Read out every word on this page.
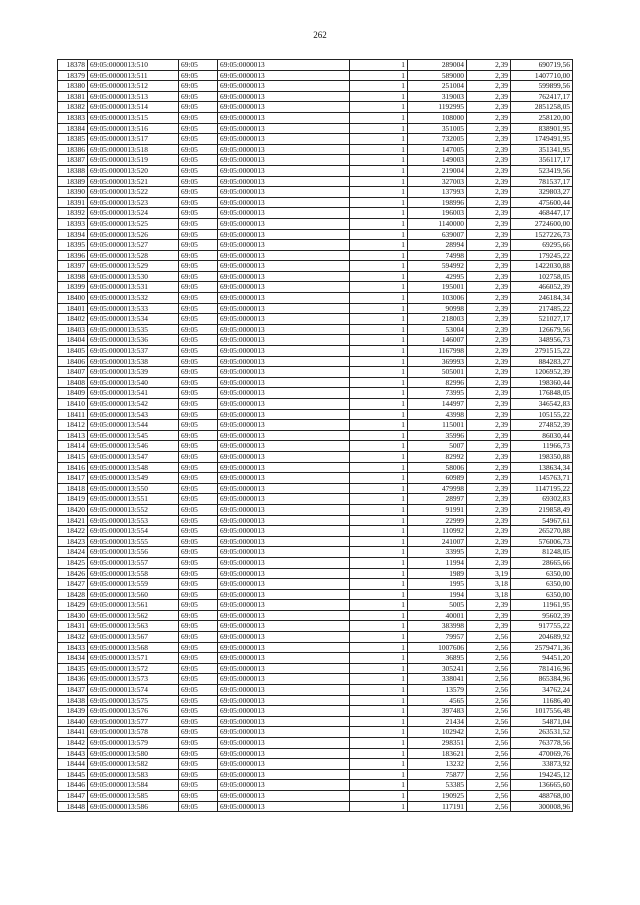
262
18378	69:05:0000013:510	69:05	69:05:0000013	1	289004	2,39	690719,56
18379	69:05:0000013:511	69:05	69:05:0000013	1	589000	2,39	1407710,00
18380	69:05:0000013:512	69:05	69:05:0000013	1	251004	2,39	599899,56
18381	69:05:0000013:513	69:05	69:05:0000013	1	319003	2,39	762417,17
18382	69:05:0000013:514	69:05	69:05:0000013	1	1192995	2,39	2851258,05
18383	69:05:0000013:515	69:05	69:05:0000013	1	108000	2,39	258120,00
18384	69:05:0000013:516	69:05	69:05:0000013	1	351005	2,39	838901,95
18385	69:05:0000013:517	69:05	69:05:0000013	1	732005	2,39	1749491,95
18386	69:05:0000013:518	69:05	69:05:0000013	1	147005	2,39	351341,95
18387	69:05:0000013:519	69:05	69:05:0000013	1	149003	2,39	356117,17
18388	69:05:0000013:520	69:05	69:05:0000013	1	219004	2,39	523419,56
18389	69:05:0000013:521	69:05	69:05:0000013	1	327003	2,39	781537,17
18390	69:05:0000013:522	69:05	69:05:0000013	1	137993	2,39	329803,27
18391	69:05:0000013:523	69:05	69:05:0000013	1	198996	2,39	475600,44
18392	69:05:0000013:524	69:05	69:05:0000013	1	196003	2,39	468447,17
18393	69:05:0000013:525	69:05	69:05:0000013	1	1140000	2,39	2724600,00
18394	69:05:0000013:526	69:05	69:05:0000013	1	639007	2,39	1527226,73
18395	69:05:0000013:527	69:05	69:05:0000013	1	28994	2,39	69295,66
18396	69:05:0000013:528	69:05	69:05:0000013	1	74998	2,39	179245,22
18397	69:05:0000013:529	69:05	69:05:0000013	1	594992	2,39	1422030,88
18398	69:05:0000013:530	69:05	69:05:0000013	1	42995	2,39	102758,05
18399	69:05:0000013:531	69:05	69:05:0000013	1	195001	2,39	466052,39
18400	69:05:0000013:532	69:05	69:05:0000013	1	103006	2,39	246184,34
18401	69:05:0000013:533	69:05	69:05:0000013	1	90998	2,39	217485,22
18402	69:05:0000013:534	69:05	69:05:0000013	1	218003	2,39	521027,17
18403	69:05:0000013:535	69:05	69:05:0000013	1	53004	2,39	126679,56
18404	69:05:0000013:536	69:05	69:05:0000013	1	146007	2,39	348956,73
18405	69:05:0000013:537	69:05	69:05:0000013	1	1167998	2,39	2791515,22
18406	69:05:0000013:538	69:05	69:05:0000013	1	369993	2,39	884283,27
18407	69:05:0000013:539	69:05	69:05:0000013	1	505001	2,39	1206952,39
18408	69:05:0000013:540	69:05	69:05:0000013	1	82996	2,39	198360,44
18409	69:05:0000013:541	69:05	69:05:0000013	1	73995	2,39	176848,05
18410	69:05:0000013:542	69:05	69:05:0000013	1	144997	2,39	346542,83
18411	69:05:0000013:543	69:05	69:05:0000013	1	43998	2,39	105155,22
18412	69:05:0000013:544	69:05	69:05:0000013	1	115001	2,39	274852,39
18413	69:05:0000013:545	69:05	69:05:0000013	1	35996	2,39	86030,44
18414	69:05:0000013:546	69:05	69:05:0000013	1	5007	2,39	11966,73
18415	69:05:0000013:547	69:05	69:05:0000013	1	82992	2,39	198350,88
18416	69:05:0000013:548	69:05	69:05:0000013	1	58006	2,39	138634,34
18417	69:05:0000013:549	69:05	69:05:0000013	1	60989	2,39	145763,71
18418	69:05:0000013:550	69:05	69:05:0000013	1	479998	2,39	1147195,22
18419	69:05:0000013:551	69:05	69:05:0000013	1	28997	2,39	69302,83
18420	69:05:0000013:552	69:05	69:05:0000013	1	91991	2,39	219858,49
18421	69:05:0000013:553	69:05	69:05:0000013	1	22999	2,39	54967,61
18422	69:05:0000013:554	69:05	69:05:0000013	1	110992	2,39	265270,88
18423	69:05:0000013:555	69:05	69:05:0000013	1	241007	2,39	576006,73
18424	69:05:0000013:556	69:05	69:05:0000013	1	33995	2,39	81248,05
18425	69:05:0000013:557	69:05	69:05:0000013	1	11994	2,39	28665,66
18426	69:05:0000013:558	69:05	69:05:0000013	1	1989	3,19	6350,00
18427	69:05:0000013:559	69:05	69:05:0000013	1	1995	3,18	6350,00
18428	69:05:0000013:560	69:05	69:05:0000013	1	1994	3,18	6350,00
18429	69:05:0000013:561	69:05	69:05:0000013	1	5005	2,39	11961,95
18430	69:05:0000013:562	69:05	69:05:0000013	1	40001	2,39	95602,39
18431	69:05:0000013:563	69:05	69:05:0000013	1	383998	2,39	917755,22
18432	69:05:0000013:567	69:05	69:05:0000013	1	79957	2,56	204689,92
18433	69:05:0000013:568	69:05	69:05:0000013	1	1007606	2,56	2579471,36
18434	69:05:0000013:571	69:05	69:05:0000013	1	36895	2,56	94451,20
18435	69:05:0000013:572	69:05	69:05:0000013	1	305241	2,56	781416,96
18436	69:05:0000013:573	69:05	69:05:0000013	1	338041	2,56	865384,96
18437	69:05:0000013:574	69:05	69:05:0000013	1	13579	2,56	34762,24
18438	69:05:0000013:575	69:05	69:05:0000013	1	4565	2,56	11686,40
18439	69:05:0000013:576	69:05	69:05:0000013	1	397483	2,56	1017556,48
18440	69:05:0000013:577	69:05	69:05:0000013	1	21434	2,56	54871,04
18441	69:05:0000013:578	69:05	69:05:0000013	1	102942	2,56	263531,52
18442	69:05:0000013:579	69:05	69:05:0000013	1	298351	2,56	763778,56
18443	69:05:0000013:580	69:05	69:05:0000013	1	183621	2,56	470069,76
18444	69:05:0000013:582	69:05	69:05:0000013	1	13232	2,56	33873,92
18445	69:05:0000013:583	69:05	69:05:0000013	1	75877	2,56	194245,12
18446	69:05:0000013:584	69:05	69:05:0000013	1	53385	2,56	136665,60
18447	69:05:0000013:585	69:05	69:05:0000013	1	190925	2,56	488768,00
18448	69:05:0000013:586	69:05	69:05:0000013	1	117191	2,56	300008,96
